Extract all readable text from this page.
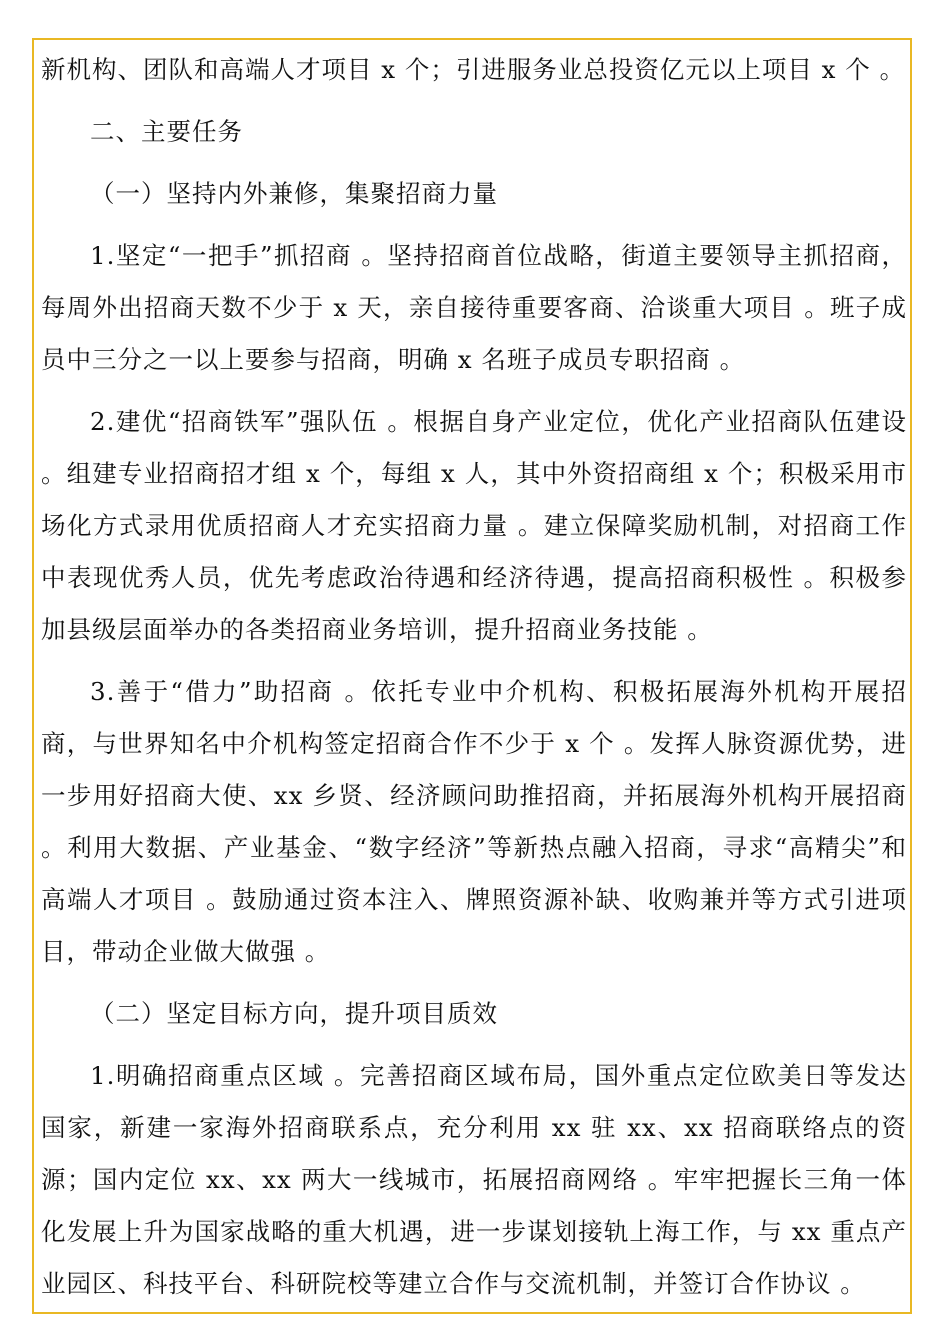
新机构、团队和高端人才项目 x 个；引进服务业总投资亿元以上项目 x 个 。

二、主要任务

（一）坚持内外兼修，集聚招商力量

1.坚定“一把手”抓招商 。坚持招商首位战略，街道主要领导主抓招商，每周外出招商天数不少于 x 天，亲自接待重要客商、洽谈重大项目 。班子成员中三分之一以上要参与招商，明确 x 名班子成员专职招商 。

2.建优“招商铁军”强队伍 。根据自身产业定位，优化产业招商队伍建设 。组建专业招商招才组 x 个，每组 x 人，其中外资招商组 x 个；积极采用市场化方式录用优质招商人才充实招商力量 。建立保障奖励机制，对招商工作中表现优秀人员，优先考虑政治待遇和经济待遇，提高招商积极性 。积极参加县级层面举办的各类招商业务培训，提升招商业务技能 。

3.善于“借力”助招商 。依托专业中介机构、积极拓展海外机构开展招商，与世界知名中介机构签定招商合作不少于 x 个 。发挥人脉资源优势，进一步用好招商大使、xx 乡贤、经济顾问助推招商，并拓展海外机构开展招商 。利用大数据、产业基金、“数字经济”等新热点融入招商，寻求“高精尖”和高端人才项目 。鼓励通过资本注入、牌照资源补缺、收购兼并等方式引进项目，带动企业做大做强 。

（二）坚定目标方向，提升项目质效

1.明确招商重点区域 。完善招商区域布局，国外重点定位欧美日等发达国家，新建一家海外招商联系点，充分利用 xx 驻 xx、xx 招商联络点的资源；国内定位 xx、xx 两大一线城市，拓展招商网络 。牢牢把握长三角一体化发展上升为国家战略的重大机遇，进一步谋划接轨上海工作，与 xx 重点产业园区、科技平台、科研院校等建立合作与交流机制，并签订合作协议 。
